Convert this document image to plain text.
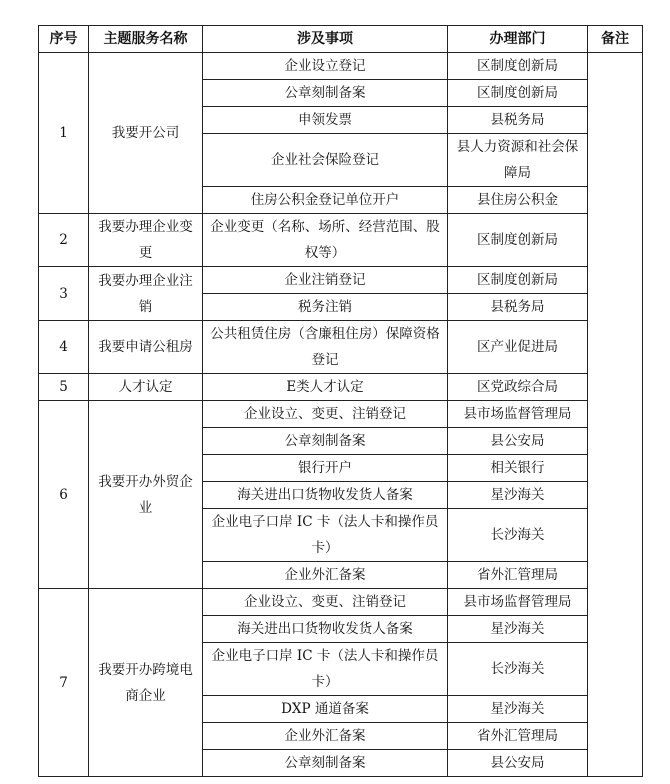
序号	主题服务名称	涉及事项	办理部门	备注
1	我要开公司	企业设立登记	区制度创新局	
		公章刻制备案	区制度创新局	
		申领发票	县税务局	
		企业社会保险登记	县人力资源和社会保障局	
		住房公积金登记单位开户	县住房公积金	
2	我要办理企业变更	企业变更（名称、场所、经营范围、股权等）	区制度创新局	
3	我要办理企业注销	企业注销登记	区制度创新局	
		税务注销	县税务局	
4	我要申请公租房	公共租赁住房（含廉租住房）保障资格登记	区产业促进局	
5	人才认定	E类人才认定	区党政综合局	
6	我要开办外贸企业	企业设立、变更、注销登记	县市场监督管理局	
		公章刻制备案	县公安局	
		银行开户	相关银行	
		海关进出口货物收发货人备案	星沙海关	
		企业电子口岸 IC 卡（法人卡和操作员卡）	长沙海关	
		企业外汇备案	省外汇管理局	
7	我要开办跨境电商企业	企业设立、变更、注销登记	县市场监督管理局	
		海关进出口货物收发货人备案	星沙海关	
		企业电子口岸 IC 卡（法人卡和操作员卡）	长沙海关	
		DXP 通道备案	星沙海关	
		企业外汇备案	省外汇管理局	
		公章刻制备案	县公安局	
